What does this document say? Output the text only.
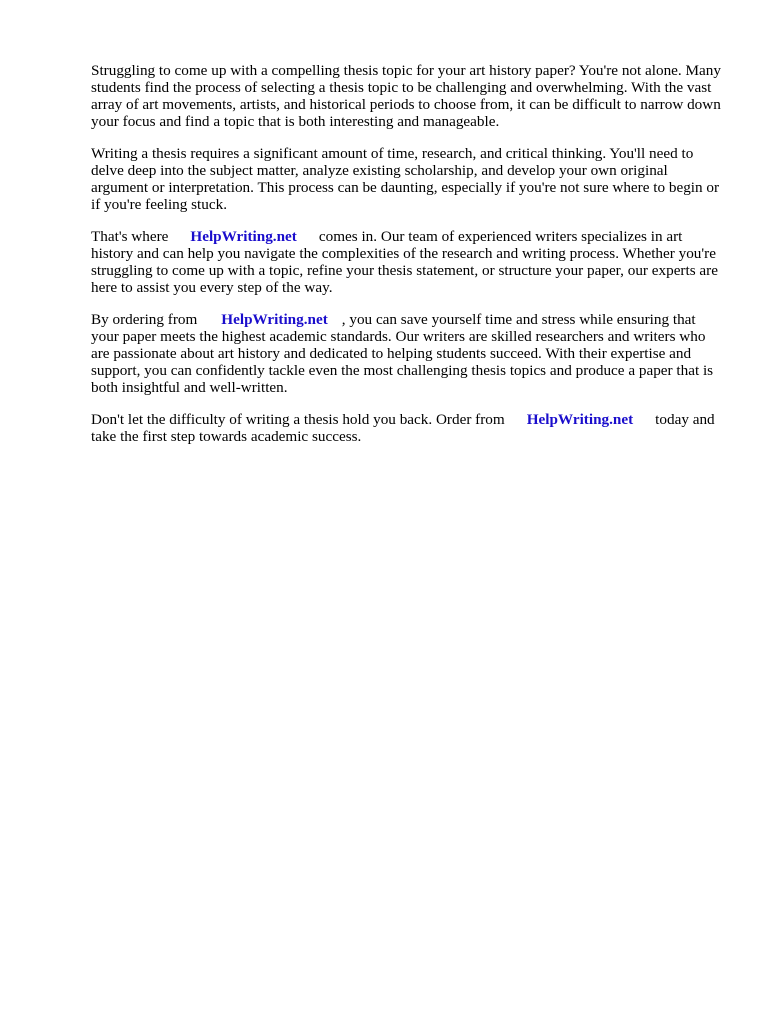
Struggling to come up with a compelling thesis topic for your art history paper? You're not alone. Many students find the process of selecting a thesis topic to be challenging and overwhelming. With the vast array of art movements, artists, and historical periods to choose from, it can be difficult to narrow down your focus and find a topic that is both interesting and manageable.

Writing a thesis requires a significant amount of time, research, and critical thinking. You'll need to delve deep into the subject matter, analyze existing scholarship, and develop your own original argument or interpretation. This process can be daunting, especially if you're not sure where to begin or if you're feeling stuck.

That's where HelpWriting.net comes in. Our team of experienced writers specializes in art history and can help you navigate the complexities of the research and writing process. Whether you're struggling to come up with a topic, refine your thesis statement, or structure your paper, our experts are here to assist you every step of the way.

By ordering from HelpWriting.net , you can save yourself time and stress while ensuring that your paper meets the highest academic standards. Our writers are skilled researchers and writers who are passionate about art history and dedicated to helping students succeed. With their expertise and support, you can confidently tackle even the most challenging thesis topics and produce a paper that is both insightful and well-written.

Don't let the difficulty of writing a thesis hold you back. Order from HelpWriting.net today and take the first step towards academic success.
